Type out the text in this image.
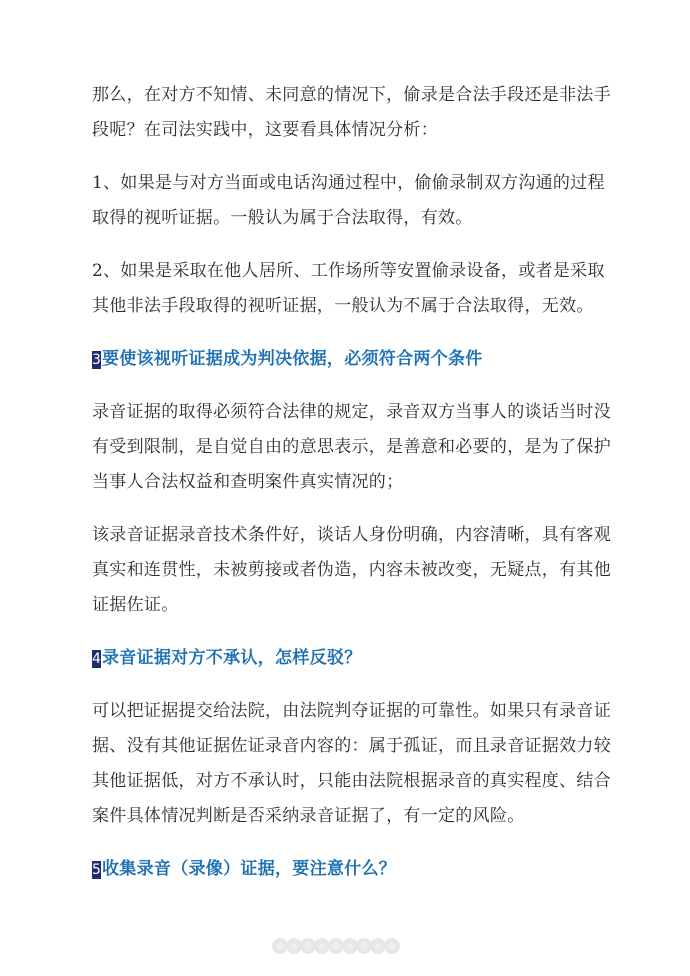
那么，在对方不知情、未同意的情况下，偷录是合法手段还是非法手段呢？在司法实践中，这要看具体情况分析：

1、如果是与对方当面或电话沟通过程中，偷偷录制双方沟通的过程取得的视听证据。一般认为属于合法取得，有效。

2、如果是采取在他人居所、工作场所等安置偷录设备，或者是采取其他非法手段取得的视听证据，一般认为不属于合法取得，无效。

3 要使该视听证据成为判决依据，必须符合两个条件

录音证据的取得必须符合法律的规定，录音双方当事人的谈话当时没有受到限制，是自觉自由的意思表示，是善意和必要的，是为了保护当事人合法权益和查明案件真实情况的；

该录音证据录音技术条件好，谈话人身份明确，内容清晰，具有客观真实和连贯性，未被剪接或者伪造，内容未被改变，无疑点，有其他证据佐证。

4 录音证据对方不承认，怎样反驳？

可以把证据提交给法院，由法院判夺证据的可靠性。如果只有录音证据、没有其他证据佐证录音内容的：属于孤证，而且录音证据效力较其他证据低，对方不承认时，只能由法院根据录音的真实程度、结合案件具体情况判断是否采纳录音证据了，有一定的风险。

5 收集录音（录像）证据，要注意什么？
